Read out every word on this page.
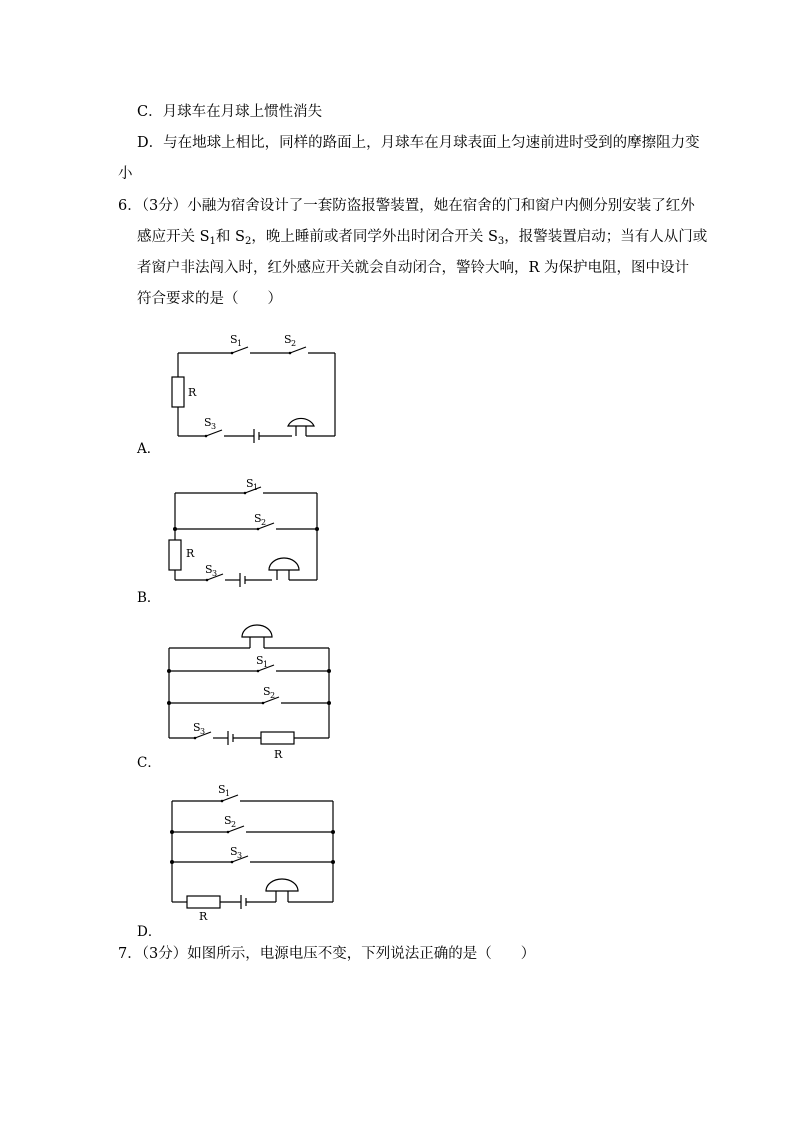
C．月球车在月球上惯性消失
D．与在地球上相比，同样的路面上，月球车在月球表面上匀速前进时受到的摩擦阻力变
小
6．（3分）小融为宿舍设计了一套防盗报警装置，她在宿舍的门和窗户内侧分别安装了红外
感应开关 $S_1$和 $S_2$，晚上睡前或者同学外出时闭合开关 $S_3$，报警装置启动；当有人从门或
者窗户非法闯入时，红外感应开关就会自动闭合，警铃大响，R 为保护电阻，图中设计
符合要求的是（　　）
S 1	S 2
S 3
R
A．
S 1
S 2
S 3
R
B．
S 1
S 2
S 3
R
C．
S 1
S 2
S 3
R
D．
7．（3分）如图所示，电源电压不变，下列说法正确的是（　　）
